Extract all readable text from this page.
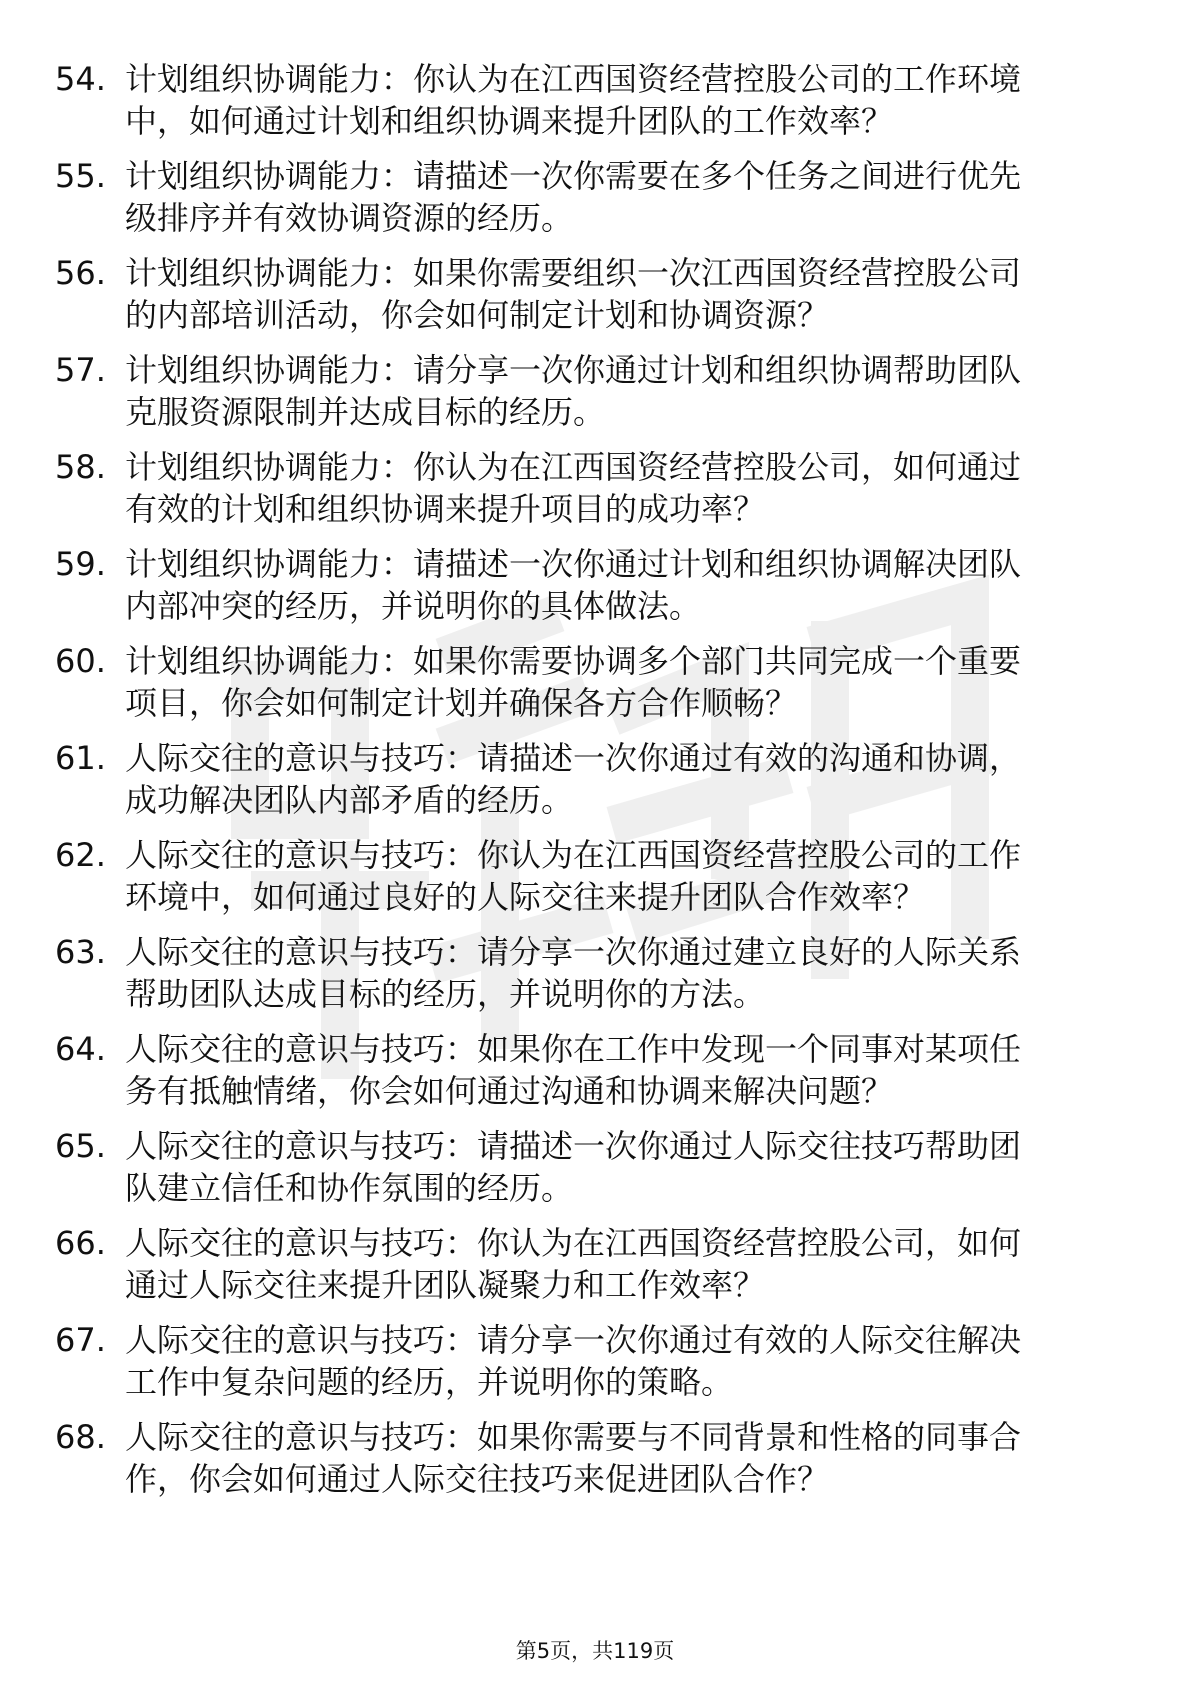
54. 计划组织协调能力：你认为在江西国资经营控股公司的工作环境
中，如何通过计划和组织协调来提升团队的工作效率？
55. 计划组织协调能力：请描述一次你需要在多个任务之间进行优先
级排序并有效协调资源的经历。
56. 计划组织协调能力：如果你需要组织一次江西国资经营控股公司
的内部培训活动，你会如何制定计划和协调资源？
57. 计划组织协调能力：请分享一次你通过计划和组织协调帮助团队
克服资源限制并达成目标的经历。
58. 计划组织协调能力：你认为在江西国资经营控股公司，如何通过
有效的计划和组织协调来提升项目的成功率？
59. 计划组织协调能力：请描述一次你通过计划和组织协调解决团队
内部冲突的经历，并说明你的具体做法。
60. 计划组织协调能力：如果你需要协调多个部门共同完成一个重要
项目，你会如何制定计划并确保各方合作顺畅？
61. 人际交往的意识与技巧：请描述一次你通过有效的沟通和协调，
成功解决团队内部矛盾的经历。
62. 人际交往的意识与技巧：你认为在江西国资经营控股公司的工作
环境中，如何通过良好的人际交往来提升团队合作效率？
63. 人际交往的意识与技巧：请分享一次你通过建立良好的人际关系
帮助团队达成目标的经历，并说明你的方法。
64. 人际交往的意识与技巧：如果你在工作中发现一个同事对某项任
务有抵触情绪，你会如何通过沟通和协调来解决问题？
65. 人际交往的意识与技巧：请描述一次你通过人际交往技巧帮助团
队建立信任和协作氛围的经历。
66. 人际交往的意识与技巧：你认为在江西国资经营控股公司，如何
通过人际交往来提升团队凝聚力和工作效率？
67. 人际交往的意识与技巧：请分享一次你通过有效的人际交往解决
工作中复杂问题的经历，并说明你的策略。
68. 人际交往的意识与技巧：如果你需要与不同背景和性格的同事合
作，你会如何通过人际交往技巧来促进团队合作？
第5页，共119页
